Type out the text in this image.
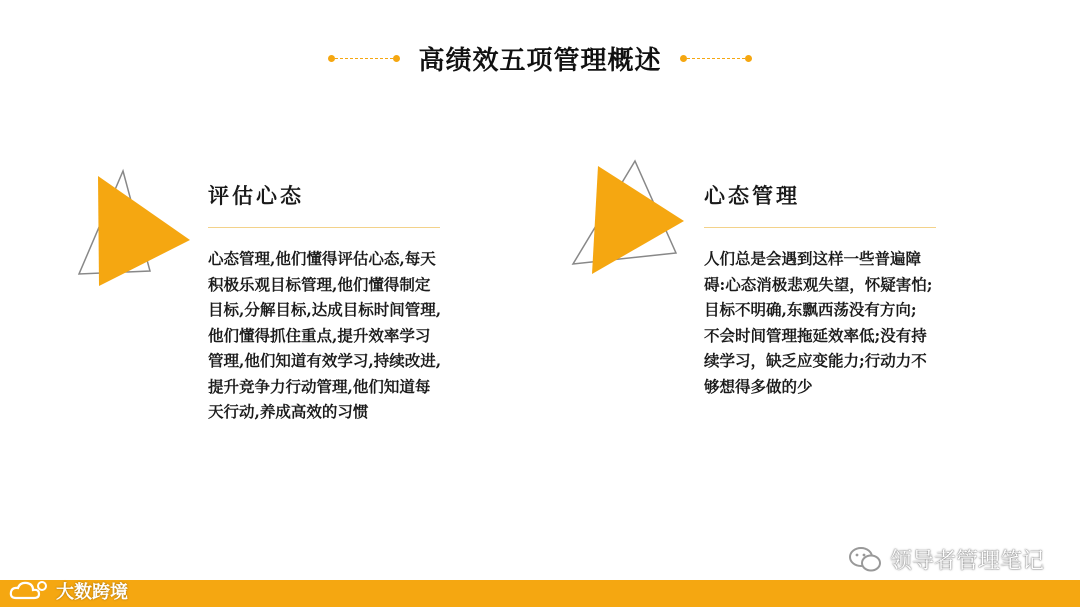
高绩效五项管理概述
评估心态
心态管理,他们懂得评估心态,每天
积极乐观目标管理,他们懂得制定
目标,分解目标,达成目标时间管理,
他们懂得抓住重点,提升效率学习
管理,他们知道有效学习,持续改进,
提升竞争力行动管理,他们知道每
天行动,养成高效的习惯
心态管理
人们总是会遇到这样一些普遍障
碍:心态消极悲观失望，怀疑害怕;
目标不明确,东飘西荡没有方向;
不会时间管理拖延效率低;没有持
续学习，缺乏应变能力;行动力不
够想得多做的少
领导者管理笔记
大数跨境
